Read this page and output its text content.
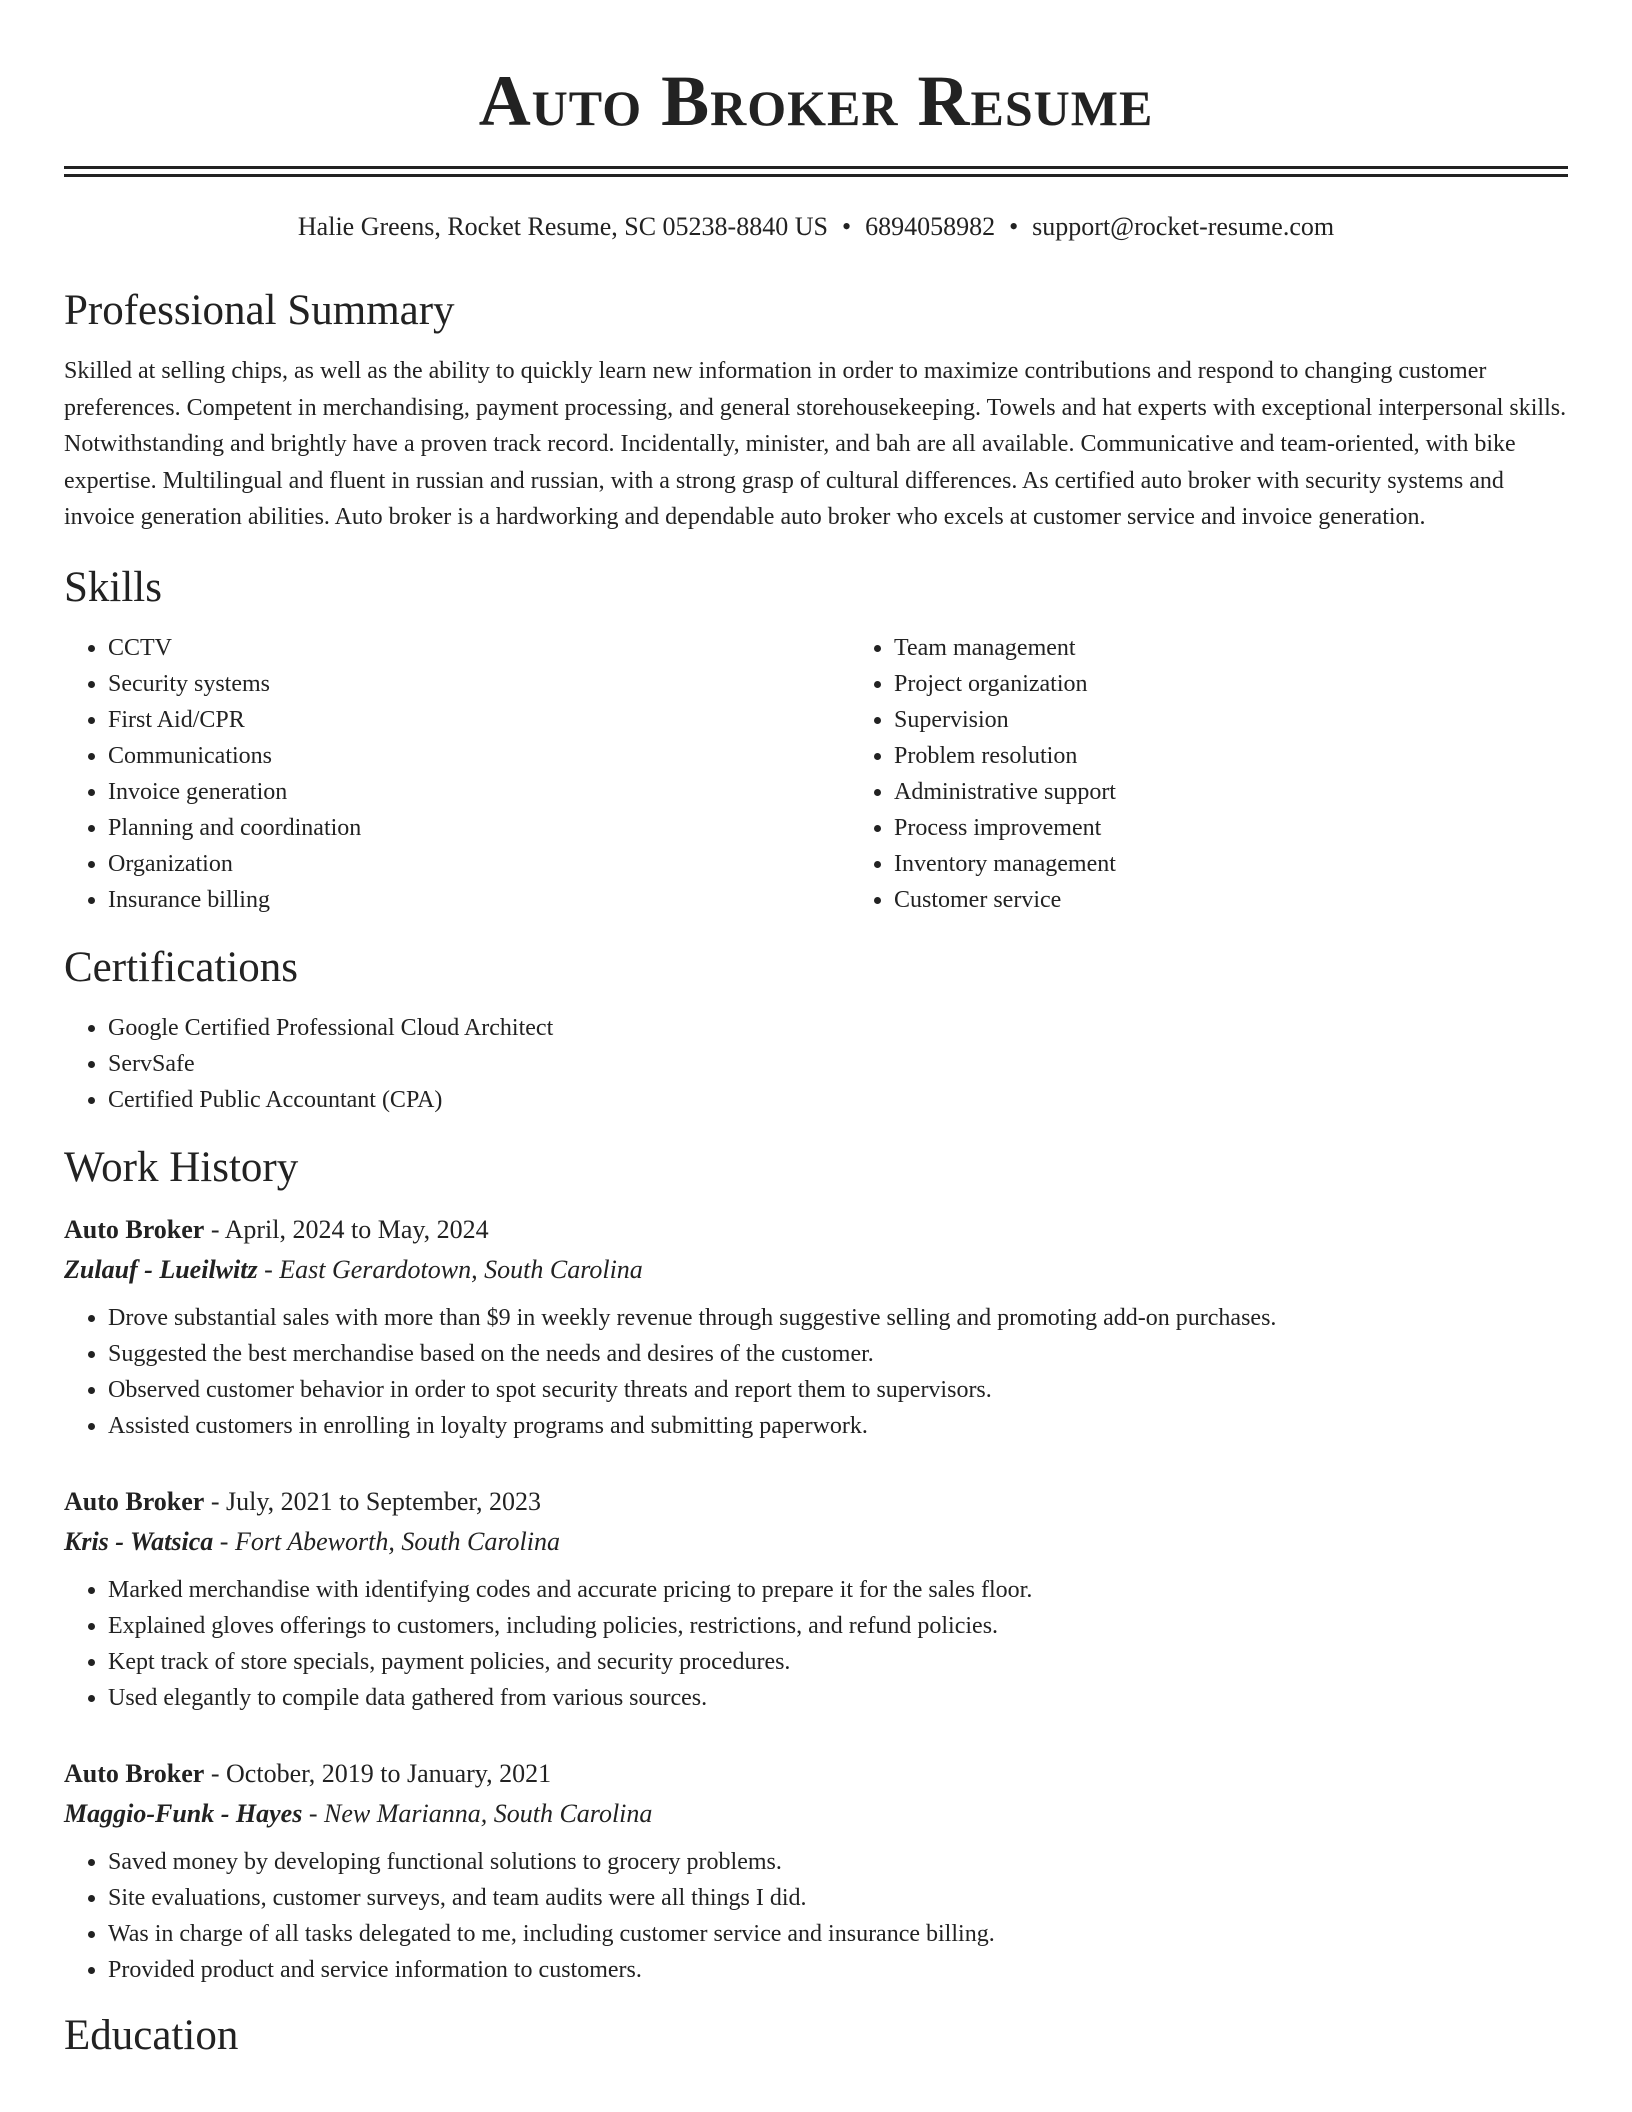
Auto Broker Resume
Halie Greens, Rocket Resume, SC 05238-8840 US • 6894058982 • support@rocket-resume.com
Professional Summary

Skilled at selling chips, as well as the ability to quickly learn new information in order to maximize contributions and respond to changing customer preferences. Competent in merchandising, payment processing, and general storehousekeeping. Towels and hat experts with exceptional interpersonal skills. Notwithstanding and brightly have a proven track record. Incidentally, minister, and bah are all available. Communicative and team-oriented, with bike expertise. Multilingual and fluent in russian and russian, with a strong grasp of cultural differences. As certified auto broker with security systems and invoice generation abilities. Auto broker is a hardworking and dependable auto broker who excels at customer service and invoice generation.

Skills
• CCTV
• Security systems
• First Aid/CPR
• Communications
• Invoice generation
• Planning and coordination
• Organization
• Insurance billing
• Team management
• Project organization
• Supervision
• Problem resolution
• Administrative support
• Process improvement
• Inventory management
• Customer service
Certifications
• Google Certified Professional Cloud Architect
• ServSafe
• Certified Public Accountant (CPA)
Work History
Auto Broker - April, 2024 to May, 2024
Zulauf - Lueilwitz - East Gerardotown, South Carolina
• Drove substantial sales with more than $9 in weekly revenue through suggestive selling and promoting add-on purchases.
• Suggested the best merchandise based on the needs and desires of the customer.
• Observed customer behavior in order to spot security threats and report them to supervisors.
• Assisted customers in enrolling in loyalty programs and submitting paperwork.
Auto Broker - July, 2021 to September, 2023
Kris - Watsica - Fort Abeworth, South Carolina
• Marked merchandise with identifying codes and accurate pricing to prepare it for the sales floor.
• Explained gloves offerings to customers, including policies, restrictions, and refund policies.
• Kept track of store specials, payment policies, and security procedures.
• Used elegantly to compile data gathered from various sources.
Auto Broker - October, 2019 to January, 2021
Maggio-Funk - Hayes - New Marianna, South Carolina
• Saved money by developing functional solutions to grocery problems.
• Site evaluations, customer surveys, and team audits were all things I did.
• Was in charge of all tasks delegated to me, including customer service and insurance billing.
• Provided product and service information to customers.
Education
